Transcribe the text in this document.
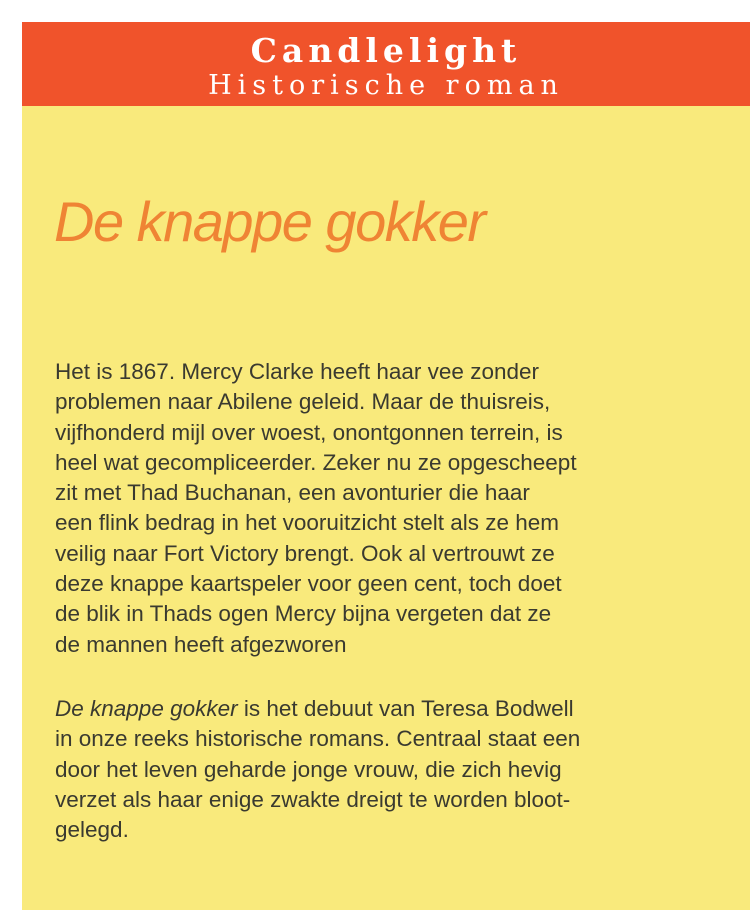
Candlelight
Historische roman
De knappe gokker
Het is 1867. Mercy Clarke heeft haar vee zonder
problemen naar Abilene geleid. Maar de thuisreis,
vijfhonderd mijl over woest, onontgonnen terrein, is
heel wat gecompliceerder. Zeker nu ze opgescheept
zit met Thad Buchanan, een avonturier die haar
een flink bedrag in het vooruitzicht stelt als ze hem
veilig naar Fort Victory brengt. Ook al vertrouwt ze
deze knappe kaartspeler voor geen cent, toch doet
de blik in Thads ogen Mercy bijna vergeten dat ze
de mannen heeft afgezworen
De knappe gokker is het debuut van Teresa Bodwell
in onze reeks historische romans. Centraal staat een
door het leven geharde jonge vrouw, die zich hevig
verzet als haar enige zwakte dreigt te worden bloot-
gelegd.
